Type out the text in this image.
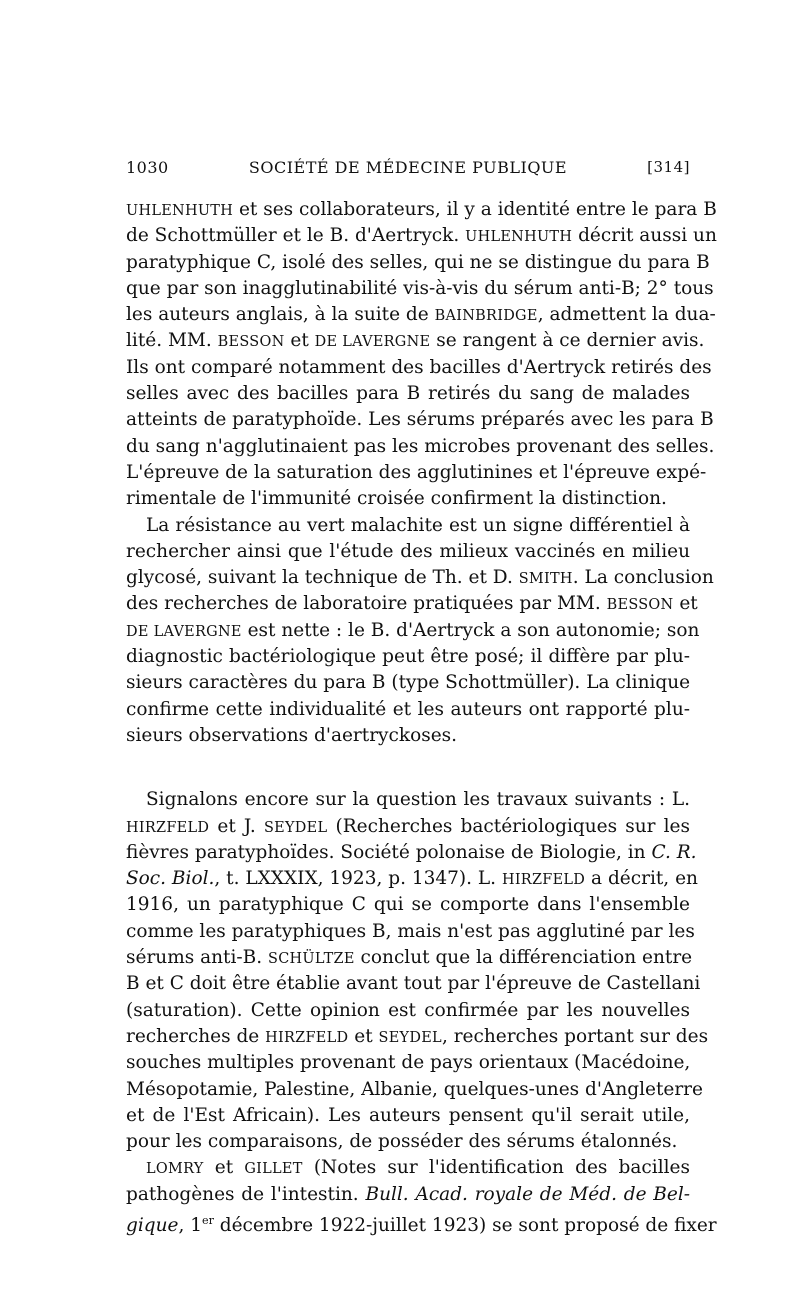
1030	SOCIÉTÉ DE MÉDECINE PUBLIQUE	[314]
UHLENHUTH et ses collaborateurs, il y a identité entre le para B
de Schottmüller et le B. d'Aertryck. UHLENHUTH décrit aussi un
paratyphique C, isolé des selles, qui ne se distingue du para B
que par son inagglutinabilité vis-à-vis du sérum anti-B; 2° tous
les auteurs anglais, à la suite de BAINBRIDGE, admettent la dua-
lité. MM. BESSON et DE LAVERGNE se rangent à ce dernier avis.
Ils ont comparé notamment des bacilles d'Aertryck retirés des
selles avec des bacilles para B retirés du sang de malades
atteints de paratyphoïde. Les sérums préparés avec les para B
du sang n'agglutinaient pas les microbes provenant des selles.
L'épreuve de la saturation des agglutinines et l'épreuve expé-
rimentale de l'immunité croisée confirment la distinction.
La résistance au vert malachite est un signe différentiel à
rechercher ainsi que l'étude des milieux vaccinés en milieu
glycosé, suivant la technique de Th. et D. SMITH. La conclusion
des recherches de laboratoire pratiquées par MM. BESSON et
DE LAVERGNE est nette : le B. d'Aertryck a son autonomie; son
diagnostic bactériologique peut être posé; il diffère par plu-
sieurs caractères du para B (type Schottmüller). La clinique
confirme cette individualité et les auteurs ont rapporté plu-
sieurs observations d'aertryckoses.
Signalons encore sur la question les travaux suivants : L.
HIRZFELD et J. SEYDEL (Recherches bactériologiques sur les
fièvres paratyphoïdes. Société polonaise de Biologie, in C. R.
Soc. Biol., t. LXXXIX, 1923, p. 1347). L. HIRZFELD a décrit, en
1916, un paratyphique C qui se comporte dans l'ensemble
comme les paratyphiques B, mais n'est pas agglutiné par les
sérums anti-B. SCHÜLTZE conclut que la différenciation entre
B et C doit être établie avant tout par l'épreuve de Castellani
(saturation). Cette opinion est confirmée par les nouvelles
recherches de HIRZFELD et SEYDEL, recherches portant sur des
souches multiples provenant de pays orientaux (Macédoine,
Mésopotamie, Palestine, Albanie, quelques-unes d'Angleterre
et de l'Est Africain). Les auteurs pensent qu'il serait utile,
pour les comparaisons, de posséder des sérums étalonnés.
LOMRY et GILLET (Notes sur l'identification des bacilles
pathogènes de l'intestin. Bull. Acad. royale de Méd. de Bel-
gique, 1er décembre 1922-juillet 1923) se sont proposé de fixer
